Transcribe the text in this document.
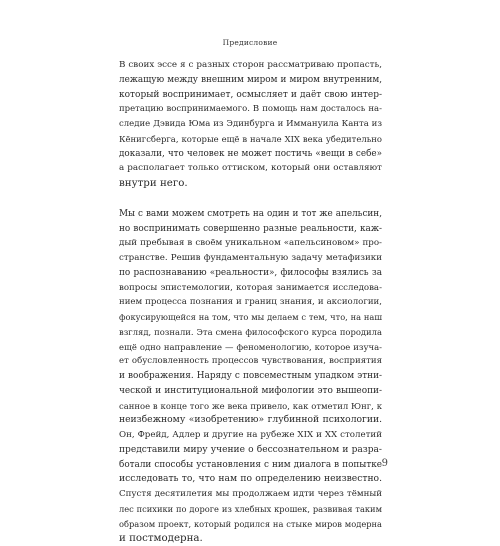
Предисловие

В своих эссе я с разных сторон рассматриваю пропасть,
лежащую между внешним миром и миром внутренним,
который воспринимает, осмысляет и даёт свою интер-
претацию воспринимаемого. В помощь нам досталось на-
следие Дэвида Юма из Эдинбурга и Иммануила Канта из
Кёнигсберга, которые ещё в начале XIX века убедительно
доказали, что человек не может постичь «вещи в себе»
а располагает только оттиском, который они оставляют
внутри него.

Мы с вами можем смотреть на один и тот же апельсин,
но воспринимать совершенно разные реальности, каж-
дый пребывая в своём уникальном «апельсиновом» про-
странстве. Решив фундаментальную задачу метафизики
по распознаванию «реальности», философы взялись за
вопросы эпистемологии, которая занимается исследова-
нием процесса познания и границ знания, и аксиологии,
фокусирующейся на том, что мы делаем с тем, что, на наш
взгляд, познали. Эта смена философского курса породила
ещё одно направление — феноменологию, которое изуча-
ет обусловленность процессов чувствования, восприятия
и воображения. Наряду с повсеместным упадком этни-
ческой и институциональной мифологии это вышеопи-
санное в конце того же века привело, как отметил Юнг, к
неизбежному «изобретению» глубинной психологии.
Он, Фрейд, Адлер и другие на рубеже XIX и XX столетий
представили миру учение о бессознательном и разра-
ботали способы установления с ним диалога в попытке
исследовать то, что нам по определению неизвестно.
Спустя десятилетия мы продолжаем идти через тёмный
лес психики по дороге из хлебных крошек, развивая таким
образом проект, который родился на стыке миров модерна
и постмодерна.

9
